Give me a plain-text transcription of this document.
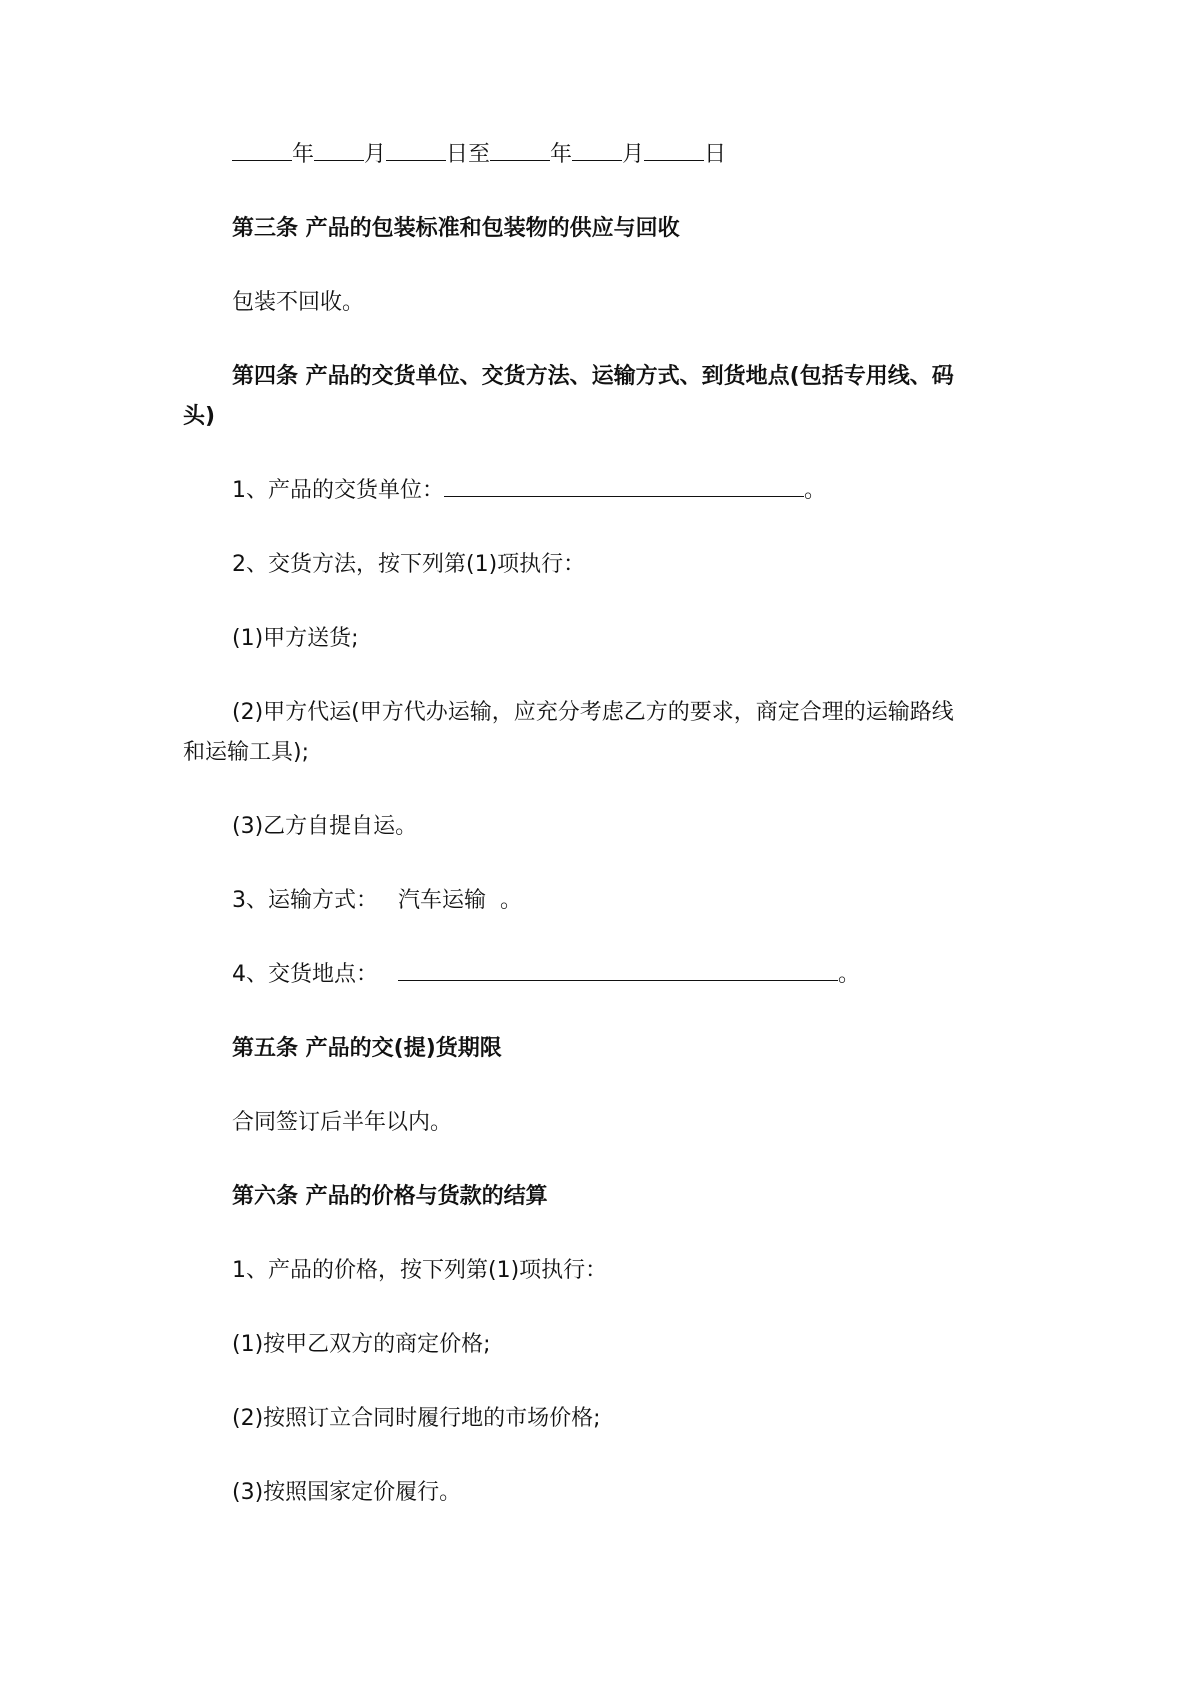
年 月	日至	年 月	日
第三条 产品的包装标准和包装物的供应与回收
包装不回收。
第四条 产品的交货单位、交货方法、运输方式、到货地点(包括专用线、码
头)
1、产品的交货单位：	。
2、交货方法，按下列第(1)项执行：
(1)甲方送货;
(2)甲方代运(甲方代办运输，应充分考虑乙方的要求，商定合理的运输路线
和运输工具);
(3)乙方自提自运。
3、运输方式： 汽车运输 。
4、交货地点：	。
第五条 产品的交(提)货期限
合同签订后半年以内。
第六条 产品的价格与货款的结算
1、产品的价格，按下列第(1)项执行：
(1)按甲乙双方的商定价格;
(2)按照订立合同时履行地的市场价格;
(3)按照国家定价履行。
